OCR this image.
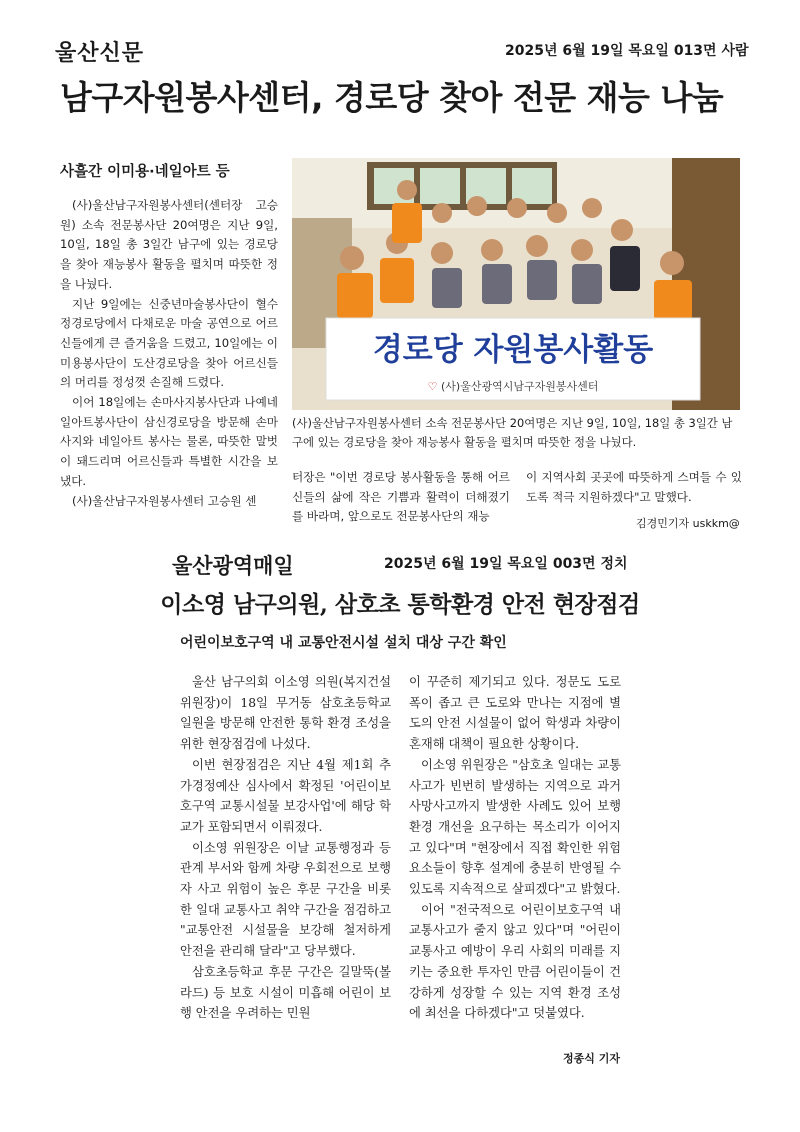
울산신문	2025년 6월 19일 목요일 013면 사람
남구자원봉사센터, 경로당 찾아 전문 재능 나눔
사흘간 이미용·네일아트 등

(사)울산남구자원봉사센터(센터장 고승원) 소속 전문봉사단 20여명은 지난 9일, 10일, 18일 총 3일간 남구에 있는 경로당을 찾아 재능봉사 활동을 펼치며 따뜻한 정을 나눴다.

지난 9일에는 신중년마술봉사단이 혈수정경로당에서 다채로운 마술 공연으로 어르신들에게 큰 즐거움을 드렸고, 10일에는 이미용봉사단이 도산경로당을 찾아 어르신들의 머리를 정성껏 손질해 드렸다.

이어 18일에는 손마사지봉사단과 나예네일아트봉사단이 삼신경로당을 방문해 손마사지와 네일아트 봉사는 물론, 따뜻한 말벗이 돼드리며 어르신들과 특별한 시간을 보냈다.

(사)울산남구자원봉사센터 고승원 센

경로당 자원봉사활동
♡ (사)울산광역시남구자원봉사센터
(사)울산남구자원봉사센터 소속 전문봉사단 20여명은 지난 9일, 10일, 18일 총 3일간 남구에 있는 경로당을 찾아 재능봉사 활동을 펼치며 따뜻한 정을 나눴다.

터장은 "이번 경로당 봉사활동을 통해 어르신들의 삶에 작은 기쁨과 활력이 더해졌기를 바라며, 앞으로도 전문봉사단의 재능

이 지역사회 곳곳에 따뜻하게 스며들 수 있도록 적극 지원하겠다"고 말했다.

김경민기자 uskkm@
울산광역매일	2025년 6월 19일 목요일 003면 정치
이소영 남구의원, 삼호초 통학환경 안전 현장점검
어린이보호구역 내 교통안전시설 설치 대상 구간 확인

울산 남구의회 이소영 의원(복지건설위원장)이 18일 무거동 삼호초등학교 일원을 방문해 안전한 통학 환경 조성을 위한 현장점검에 나섰다.

이번 현장점검은 지난 4월 제1회 추가경정예산 심사에서 확정된 '어린이보호구역 교통시설물 보강사업'에 해당 학교가 포함되면서 이뤄졌다.

이소영 위원장은 이날 교통행정과 등 관계 부서와 함께 차량 우회전으로 보행자 사고 위험이 높은 후문 구간을 비롯한 일대 교통사고 취약 구간을 점검하고 "교통안전 시설물을 보강해 철저하게 안전을 관리해 달라"고 당부했다.

삼호초등학교 후문 구간은 길말뚝(볼라드) 등 보호 시설이 미흡해 어린이 보행 안전을 우려하는 민원

이 꾸준히 제기되고 있다. 정문도 도로 폭이 좁고 큰 도로와 만나는 지점에 별도의 안전 시설물이 없어 학생과 차량이 혼재해 대책이 필요한 상황이다.

이소영 위원장은 "삼호초 일대는 교통사고가 빈번히 발생하는 지역으로 과거 사망사고까지 발생한 사례도 있어 보행 환경 개선을 요구하는 목소리가 이어지고 있다"며 "현장에서 직접 확인한 위험 요소들이 향후 설계에 충분히 반영될 수 있도록 지속적으로 살피겠다"고 밝혔다.

이어 "전국적으로 어린이보호구역 내 교통사고가 줄지 않고 있다"며 "어린이 교통사고 예방이 우리 사회의 미래를 지키는 중요한 투자인 만큼 어린이들이 건강하게 성장할 수 있는 지역 환경 조성에 최선을 다하겠다"고 덧붙였다.

정종식 기자
